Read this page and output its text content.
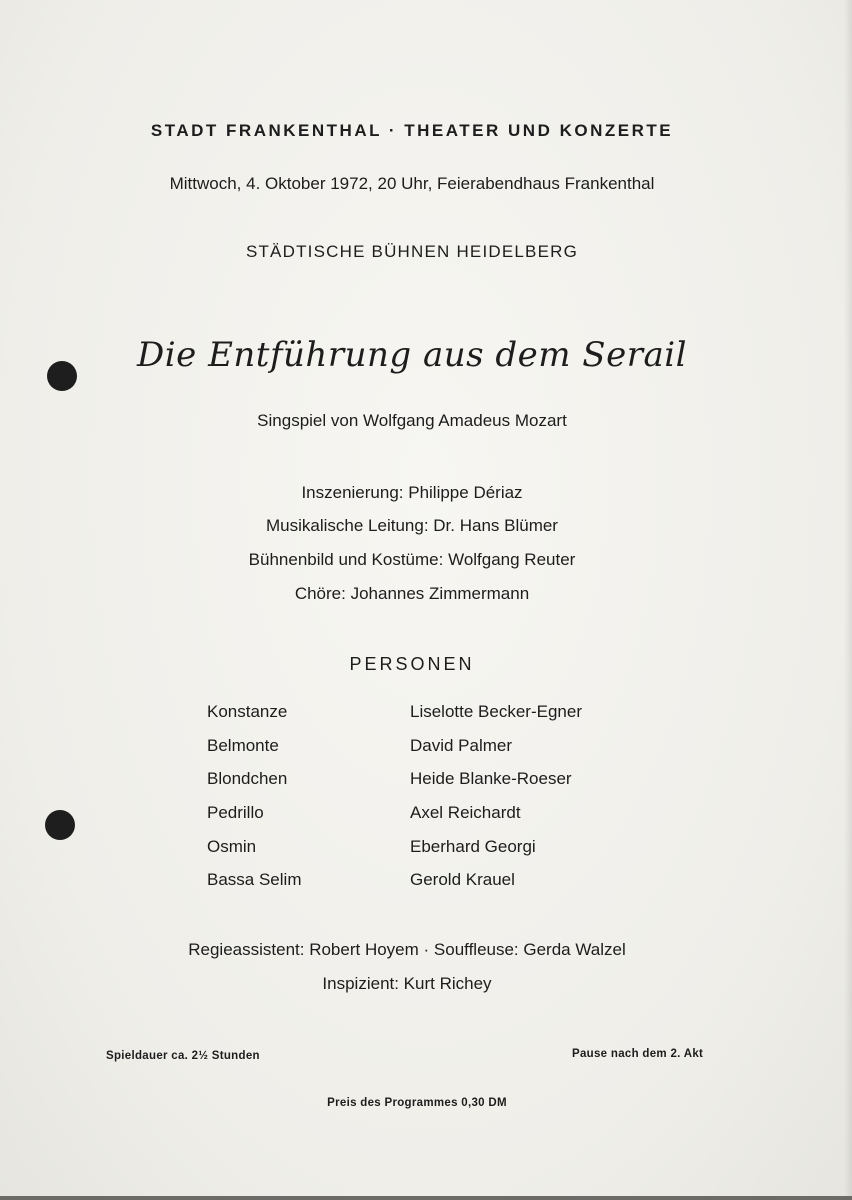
STADT FRANKENTHAL · THEATER UND KONZERTE
Mittwoch, 4. Oktober 1972, 20 Uhr, Feierabendhaus Frankenthal
STÄDTISCHE BÜHNEN HEIDELBERG
Die Entführung aus dem Serail
Singspiel von Wolfgang Amadeus Mozart
Inszenierung: Philippe Dériaz
Musikalische Leitung: Dr. Hans Blümer
Bühnenbild und Kostüme: Wolfgang Reuter
Chöre: Johannes Zimmermann
PERSONEN
Konstanze	Liselotte Becker-Egner
Belmonte	David Palmer
Blondchen	Heide Blanke-Roeser
Pedrillo	Axel Reichardt
Osmin	Eberhard Georgi
Bassa Selim	Gerold Krauel
Regieassistent: Robert Hoyem · Souffleuse: Gerda Walzel
Inspizient: Kurt Richey
Spieldauer ca. 2½ Stunden	Pause nach dem 2. Akt
Preis des Programmes 0,30 DM
